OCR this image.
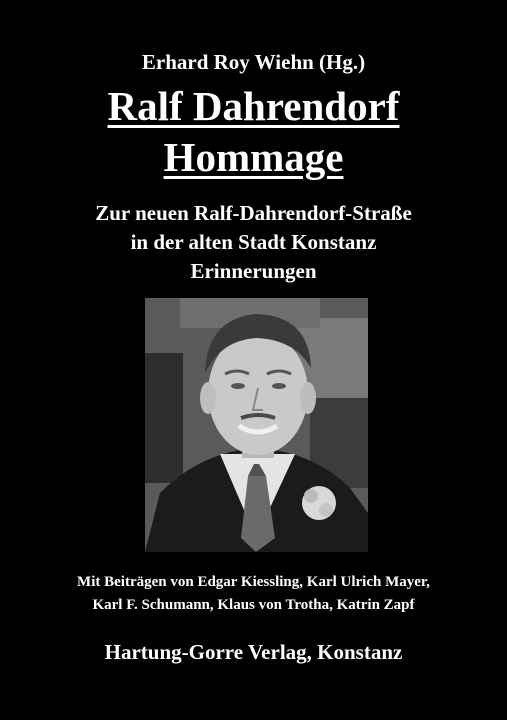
Erhard Roy Wiehn (Hg.)
Ralf Dahrendorf
Hommage
Zur neuen Ralf-Dahrendorf-Straße
in der alten Stadt Konstanz
Erinnerungen
Mit Beiträgen von Edgar Kiessling, Karl Ulrich Mayer,
Karl F. Schumann, Klaus von Trotha, Katrin Zapf
Hartung-Gorre Verlag, Konstanz
